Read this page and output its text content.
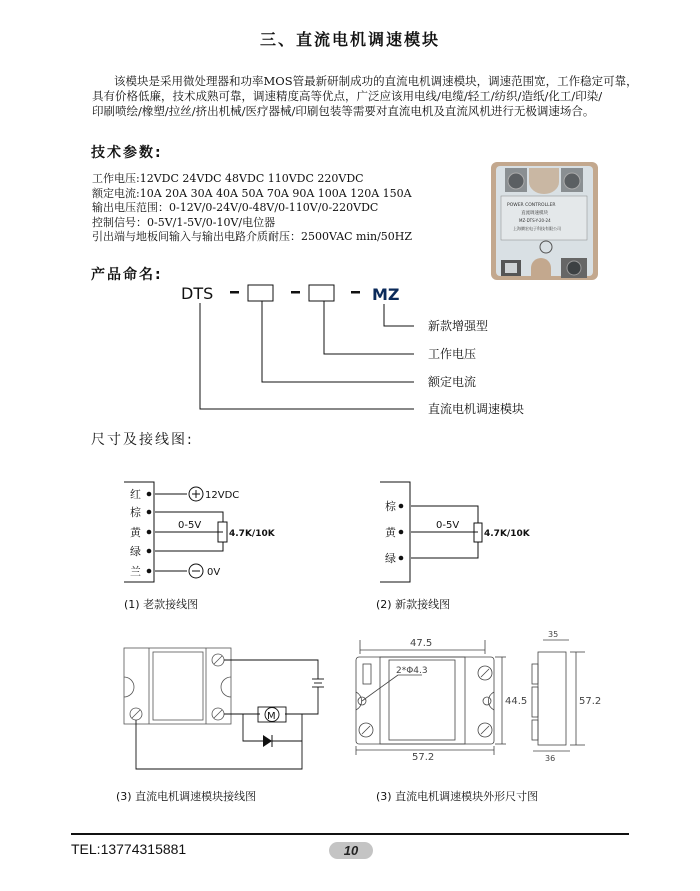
三、直流电机调速模块

该模块是采用微处理器和功率MOS管最新研制成功的直流电机调速模块，调速范围宽，工作稳定可靠，

具有价格低廉，技术成熟可靠，调速精度高等优点，广泛应该用电线/电缆/轻工/纺织/造纸/化工/印染/

印刷喷绘/橡塑/拉丝/挤出机械/医疗器械/印刷包装等需要对直流电机及直流风机进行无极调速场合。

技术参数:
工作电压:12VDC 24VDC 48VDC 110VDC 220VDC
额定电流:10A 20A 30A 40A 50A 70A 90A 100A 120A 150A
输出电压范围：0-12V/0-24V/0-48V/0-110V/0-220VDC
控制信号：0-5V/1-5V/0-10V/电位器
引出端与地板间输入与输出电路介质耐压：2500VAC min/50HZ
POWER CONTROLLER
直流调速模块
MZ-DTS-Y-20-24
上海腾宏电子科技有限公司
产品命名:
DTS	MZ
新款增强型
工作电压
额定电流
直流电机调速模块
尺寸及接线图:
红
棕
黄
绿
兰
12VDC
0V
0-5V
4.7K/10K
(1) 老款接线图
棕
黄
绿
0-5V
4.7K/10K
(2) 新款接线图
M
(3) 直流电机调速模块接线图
47.5
2*Φ4.3
44.5
57.2
35
57.2
36
(3) 直流电机调速模块外形尺寸图
TEL:13774315881	10
